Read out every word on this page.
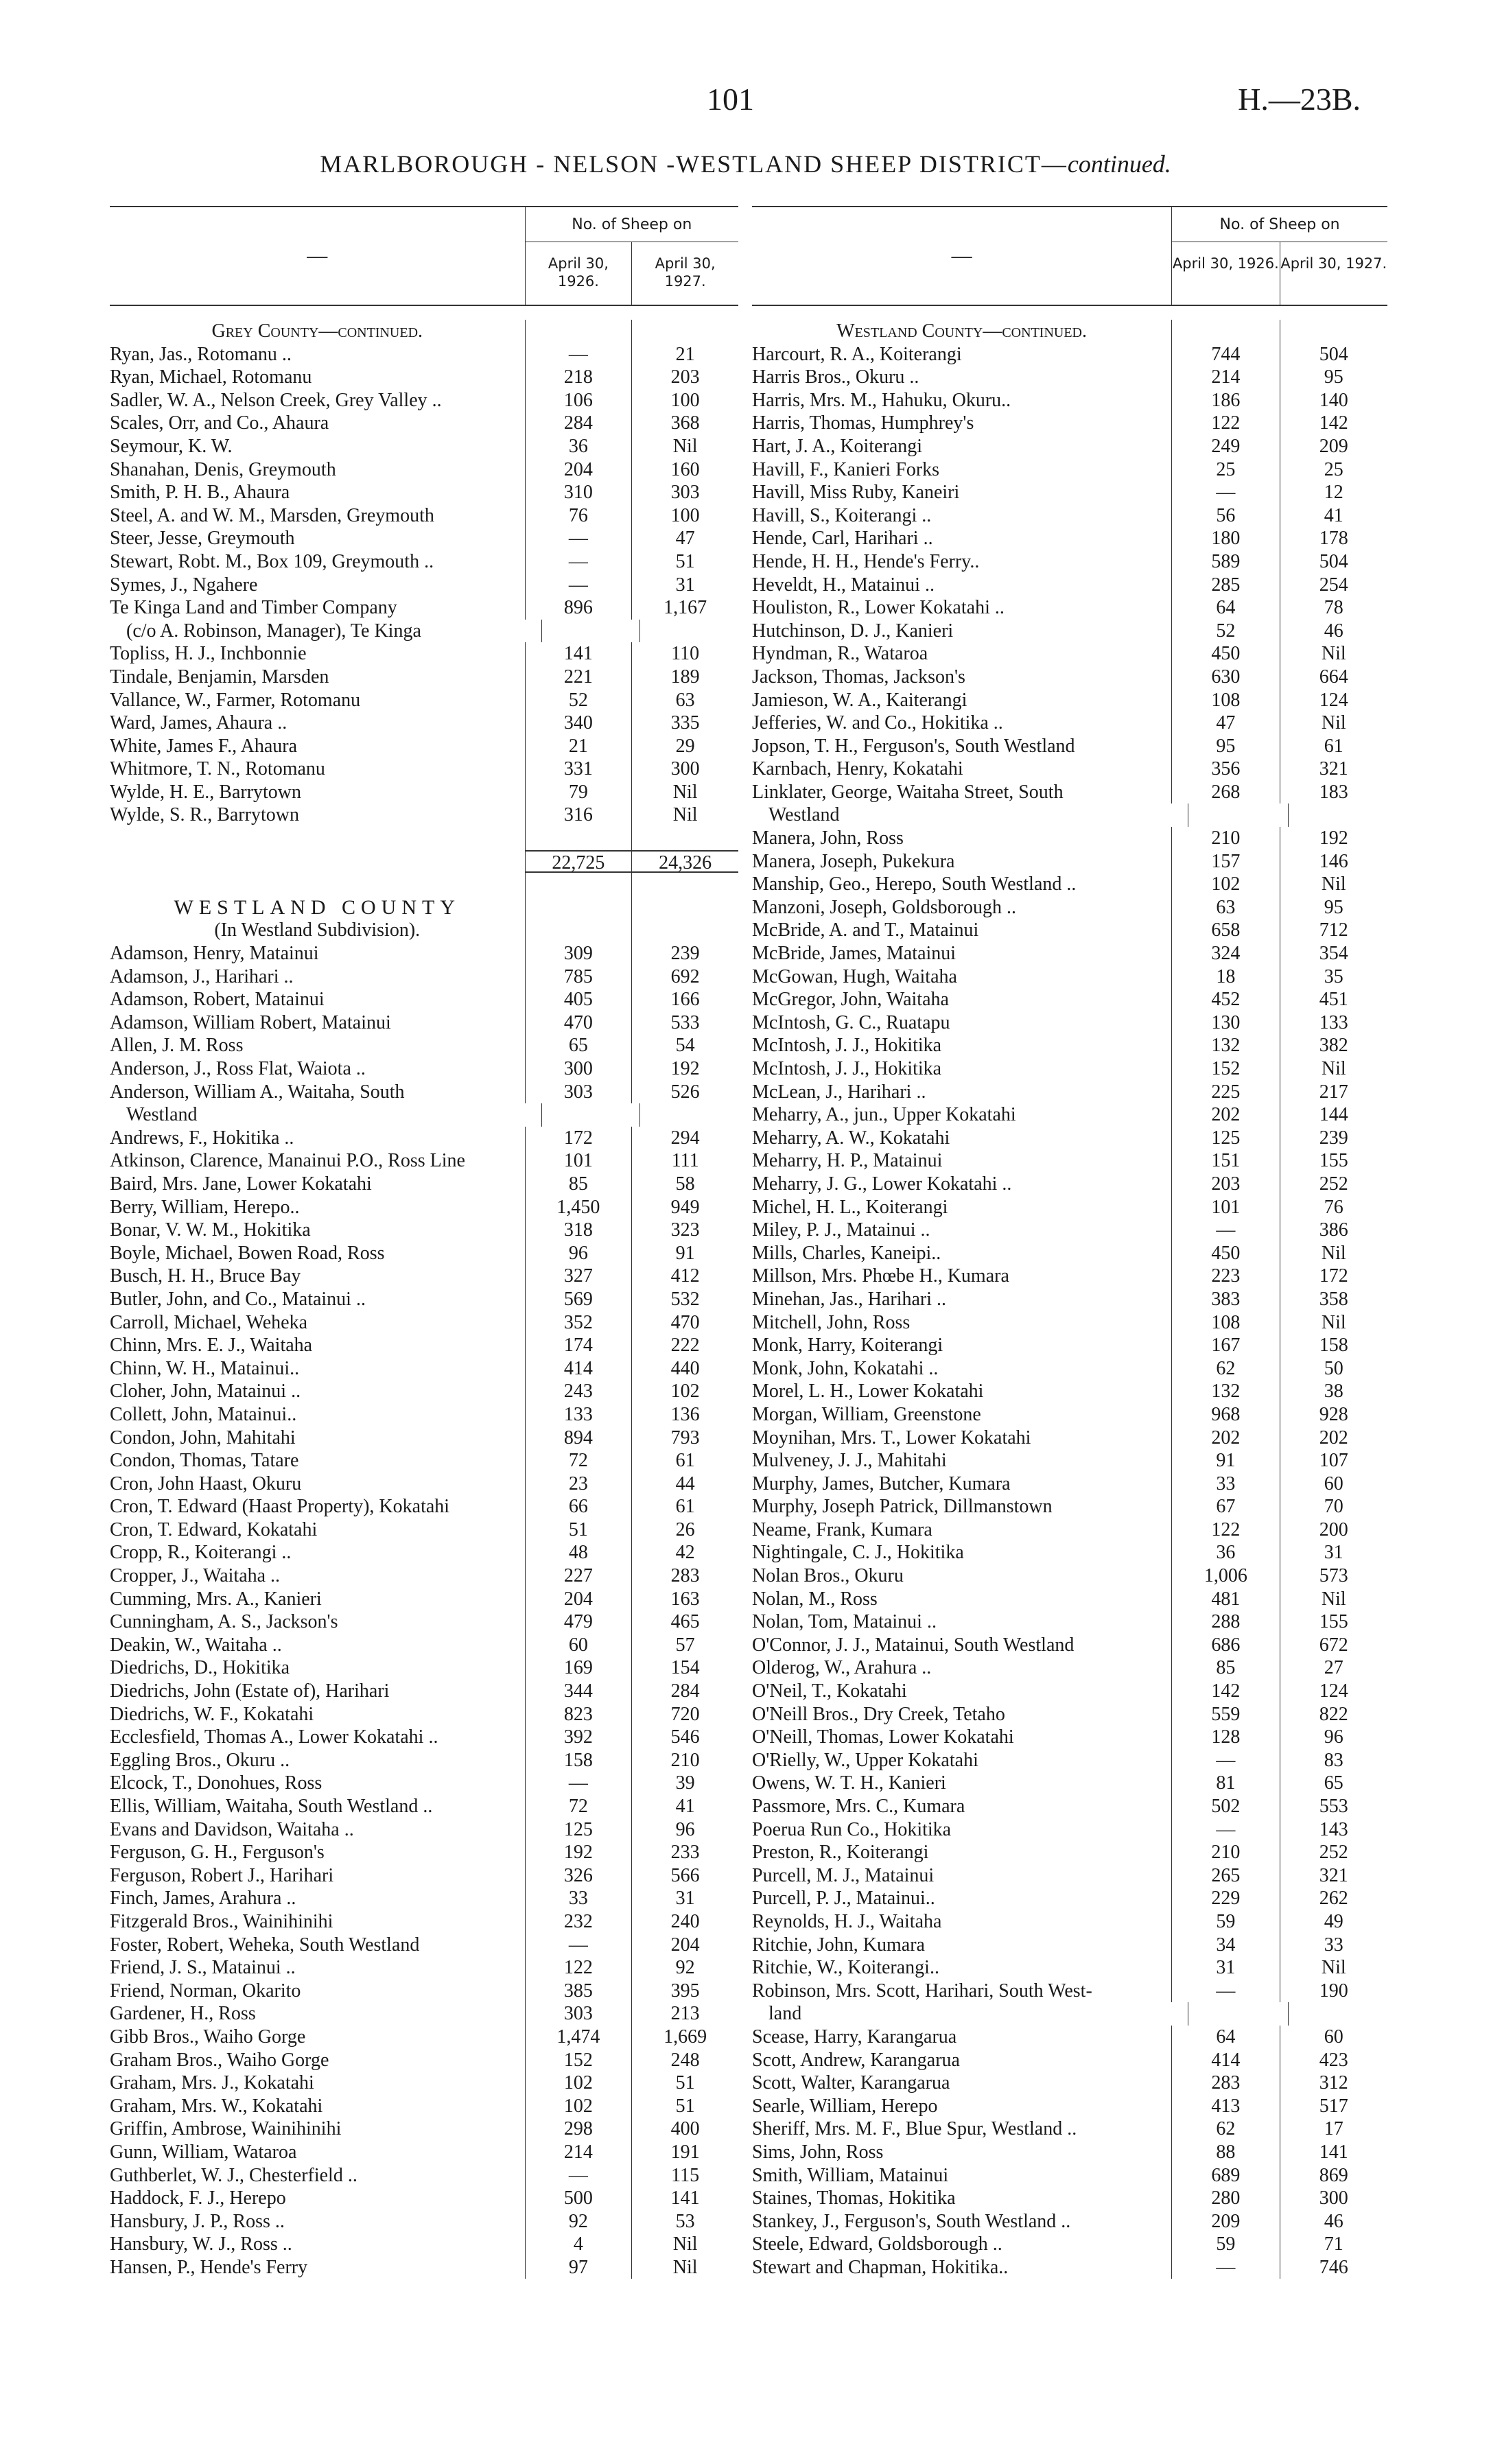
101	H.—23B.
MARLBOROUGH - NELSON -WESTLAND SHEEP DISTRICT—continued.
—
No. of Sheep on
April 30, 1926.
April 30, 1927.
Grey County—continued.
Ryan, Jas., Rotomanu ..	—	21
Ryan, Michael, Rotomanu	218	203
Sadler, W. A., Nelson Creek, Grey Valley ..	106	100
Scales, Orr, and Co., Ahaura	284	368
Seymour, K. W.	36	Nil
Shanahan, Denis, Greymouth	204	160
Smith, P. H. B., Ahaura	310	303
Steel, A. and W. M., Marsden, Greymouth	76	100
Steer, Jesse, Greymouth	—	47
Stewart, Robt. M., Box 109, Greymouth ..	—	51
Symes, J., Ngahere	—	31
Te Kinga Land and Timber Company	896	1,167
(c/o A. Robinson, Manager), Te Kinga
Topliss, H. J., Inchbonnie	141	110
Tindale, Benjamin, Marsden	221	189
Vallance, W., Farmer, Rotomanu	52	63
Ward, James, Ahaura ..	340	335
White, James F., Ahaura	21	29
Whitmore, T. N., Rotomanu	331	300
Wylde, H. E., Barrytown	79	Nil
Wylde, S. R., Barrytown	316	Nil
22,725	24,326
WESTLAND COUNTY
(In Westland Subdivision).
Adamson, Henry, Matainui	309	239
Adamson, J., Harihari ..	785	692
Adamson, Robert, Matainui	405	166
Adamson, William Robert, Matainui	470	533
Allen, J. M. Ross	65	54
Anderson, J., Ross Flat, Waiota ..	300	192
Anderson, William A., Waitaha, South	303	526
Westland
Andrews, F., Hokitika ..	172	294
Atkinson, Clarence, Manainui P.O., Ross Line	101	111
Baird, Mrs. Jane, Lower Kokatahi	85	58
Berry, William, Herepo..	1,450	949
Bonar, V. W. M., Hokitika	318	323
Boyle, Michael, Bowen Road, Ross	96	91
Busch, H. H., Bruce Bay	327	412
Butler, John, and Co., Matainui ..	569	532
Carroll, Michael, Weheka	352	470
Chinn, Mrs. E. J., Waitaha	174	222
Chinn, W. H., Matainui..	414	440
Cloher, John, Matainui ..	243	102
Collett, John, Matainui..	133	136
Condon, John, Mahitahi	894	793
Condon, Thomas, Tatare	72	61
Cron, John Haast, Okuru	23	44
Cron, T. Edward (Haast Property), Kokatahi	66	61
Cron, T. Edward, Kokatahi	51	26
Cropp, R., Koiterangi ..	48	42
Cropper, J., Waitaha ..	227	283
Cumming, Mrs. A., Kanieri	204	163
Cunningham, A. S., Jackson's	479	465
Deakin, W., Waitaha ..	60	57
Diedrichs, D., Hokitika	169	154
Diedrichs, John (Estate of), Harihari	344	284
Diedrichs, W. F., Kokatahi	823	720
Ecclesfield, Thomas A., Lower Kokatahi ..	392	546
Eggling Bros., Okuru ..	158	210
Elcock, T., Donohues, Ross	—	39
Ellis, William, Waitaha, South Westland ..	72	41
Evans and Davidson, Waitaha ..	125	96
Ferguson, G. H., Ferguson's	192	233
Ferguson, Robert J., Harihari	326	566
Finch, James, Arahura ..	33	31
Fitzgerald Bros., Wainihinihi	232	240
Foster, Robert, Weheka, South Westland	—	204
Friend, J. S., Matainui ..	122	92
Friend, Norman, Okarito	385	395
Gardener, H., Ross	303	213
Gibb Bros., Waiho Gorge	1,474	1,669
Graham Bros., Waiho Gorge	152	248
Graham, Mrs. J., Kokatahi	102	51
Graham, Mrs. W., Kokatahi	102	51
Griffin, Ambrose, Wainihinihi	298	400
Gunn, William, Wataroa	214	191
Guthberlet, W. J., Chesterfield ..	—	115
Haddock, F. J., Herepo	500	141
Hansbury, J. P., Ross ..	92	53
Hansbury, W. J., Ross ..	4	Nil
Hansen, P., Hende's Ferry	97	Nil
—
No. of Sheep on
April 30, 1926. April 30, 1927.
Westland County—continued.
Harcourt, R. A., Koiterangi	744	504
Harris Bros., Okuru ..	214	95
Harris, Mrs. M., Hahuku, Okuru..	186	140
Harris, Thomas, Humphrey's	122	142
Hart, J. A., Koiterangi	249	209
Havill, F., Kanieri Forks	25	25
Havill, Miss Ruby, Kaneiri	—	12
Havill, S., Koiterangi ..	56	41
Hende, Carl, Harihari ..	180	178
Hende, H. H., Hende's Ferry..	589	504
Heveldt, H., Matainui ..	285	254
Houliston, R., Lower Kokatahi ..	64	78
Hutchinson, D. J., Kanieri	52	46
Hyndman, R., Wataroa	450	Nil
Jackson, Thomas, Jackson's	630	664
Jamieson, W. A., Kaiterangi	108	124
Jefferies, W. and Co., Hokitika ..	47	Nil
Jopson, T. H., Ferguson's, South Westland	95	61
Karnbach, Henry, Kokatahi	356	321
Linklater, George, Waitaha Street, South	268	183
Westland
Manera, John, Ross	210	192
Manera, Joseph, Pukekura	157	146
Manship, Geo., Herepo, South Westland ..	102	Nil
Manzoni, Joseph, Goldsborough ..	63	95
McBride, A. and T., Matainui	658	712
McBride, James, Matainui	324	354
McGowan, Hugh, Waitaha	18	35
McGregor, John, Waitaha	452	451
McIntosh, G. C., Ruatapu	130	133
McIntosh, J. J., Hokitika	132	382
McIntosh, J. J., Hokitika	152	Nil
McLean, J., Harihari ..	225	217
Meharry, A., jun., Upper Kokatahi	202	144
Meharry, A. W., Kokatahi	125	239
Meharry, H. P., Matainui	151	155
Meharry, J. G., Lower Kokatahi ..	203	252
Michel, H. L., Koiterangi	101	76
Miley, P. J., Matainui ..	—	386
Mills, Charles, Kaneipi..	450	Nil
Millson, Mrs. Phœbe H., Kumara	223	172
Minehan, Jas., Harihari ..	383	358
Mitchell, John, Ross	108	Nil
Monk, Harry, Koiterangi	167	158
Monk, John, Kokatahi ..	62	50
Morel, L. H., Lower Kokatahi	132	38
Morgan, William, Greenstone	968	928
Moynihan, Mrs. T., Lower Kokatahi	202	202
Mulveney, J. J., Mahitahi	91	107
Murphy, James, Butcher, Kumara	33	60
Murphy, Joseph Patrick, Dillmanstown	67	70
Neame, Frank, Kumara	122	200
Nightingale, C. J., Hokitika	36	31
Nolan Bros., Okuru	1,006	573
Nolan, M., Ross	481	Nil
Nolan, Tom, Matainui ..	288	155
O'Connor, J. J., Matainui, South Westland	686	672
Olderog, W., Arahura ..	85	27
O'Neil, T., Kokatahi	142	124
O'Neill Bros., Dry Creek, Tetaho	559	822
O'Neill, Thomas, Lower Kokatahi	128	96
O'Rielly, W., Upper Kokatahi	—	83
Owens, W. T. H., Kanieri	81	65
Passmore, Mrs. C., Kumara	502	553
Poerua Run Co., Hokitika	—	143
Preston, R., Koiterangi	210	252
Purcell, M. J., Matainui	265	321
Purcell, P. J., Matainui..	229	262
Reynolds, H. J., Waitaha	59	49
Ritchie, John, Kumara	34	33
Ritchie, W., Koiterangi..	31	Nil
Robinson, Mrs. Scott, Harihari, South West-	—	190
land
Scease, Harry, Karangarua	64	60
Scott, Andrew, Karangarua	414	423
Scott, Walter, Karangarua	283	312
Searle, William, Herepo	413	517
Sheriff, Mrs. M. F., Blue Spur, Westland ..	62	17
Sims, John, Ross	88	141
Smith, William, Matainui	689	869
Staines, Thomas, Hokitika	280	300
Stankey, J., Ferguson's, South Westland ..	209	46
Steele, Edward, Goldsborough ..	59	71
Stewart and Chapman, Hokitika..	—	746
